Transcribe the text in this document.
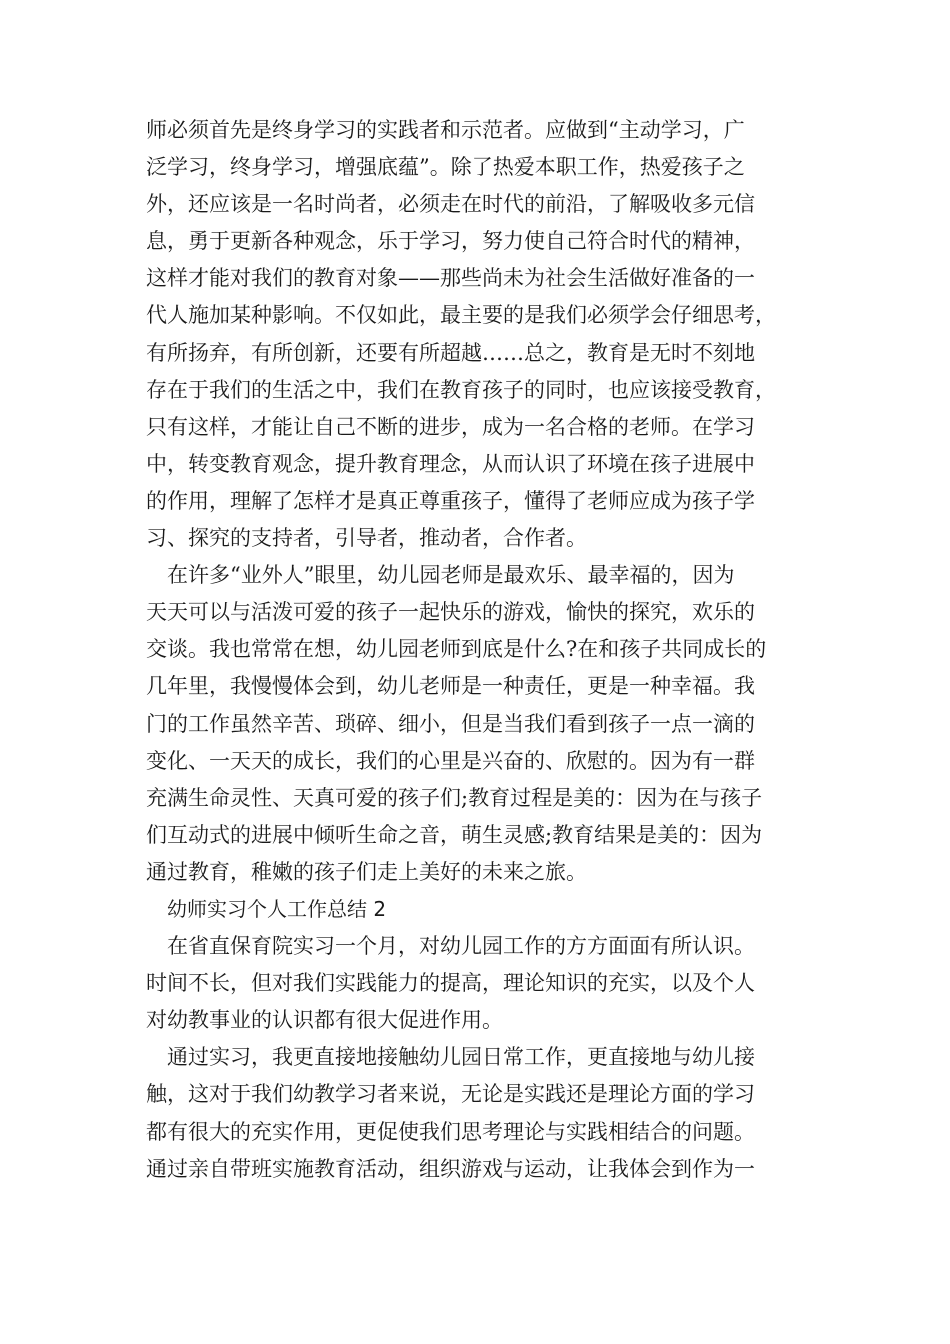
师必须首先是终身学习的实践者和示范者。应做到“主动学习，广
泛学习，终身学习，增强底蕴”。除了热爱本职工作，热爱孩子之
外，还应该是一名时尚者，必须走在时代的前沿，了解吸收多元信
息，勇于更新各种观念，乐于学习，努力使自己符合时代的精神，
这样才能对我们的教育对象——那些尚未为社会生活做好准备的一
代人施加某种影响。不仅如此，最主要的是我们必须学会仔细思考，
有所扬弃，有所创新，还要有所超越……总之，教育是无时不刻地
存在于我们的生活之中，我们在教育孩子的同时，也应该接受教育，
只有这样，才能让自己不断的进步，成为一名合格的老师。在学习
中，转变教育观念，提升教育理念，从而认识了环境在孩子进展中
的作用，理解了怎样才是真正尊重孩子，懂得了老师应成为孩子学
习、探究的支持者，引导者，推动者，合作者。
在许多“业外人”眼里，幼儿园老师是最欢乐、最幸福的，因为
天天可以与活泼可爱的孩子一起快乐的游戏，愉快的探究，欢乐的
交谈。我也常常在想，幼儿园老师到底是什么?在和孩子共同成长的
几年里，我慢慢体会到，幼儿老师是一种责任，更是一种幸福。我
门的工作虽然辛苦、琐碎、细小，但是当我们看到孩子一点一滴的
变化、一天天的成长，我们的心里是兴奋的、欣慰的。因为有一群
充满生命灵性、天真可爱的孩子们;教育过程是美的：因为在与孩子
们互动式的进展中倾听生命之音，萌生灵感;教育结果是美的：因为
通过教育，稚嫩的孩子们走上美好的未来之旅。
幼师实习个人工作总结 2
在省直保育院实习一个月，对幼儿园工作的方方面面有所认识。
时间不长，但对我们实践能力的提高，理论知识的充实，以及个人
对幼教事业的认识都有很大促进作用。
通过实习，我更直接地接触幼儿园日常工作，更直接地与幼儿接
触，这对于我们幼教学习者来说，无论是实践还是理论方面的学习
都有很大的充实作用，更促使我们思考理论与实践相结合的问题。
通过亲自带班实施教育活动，组织游戏与运动，让我体会到作为一
